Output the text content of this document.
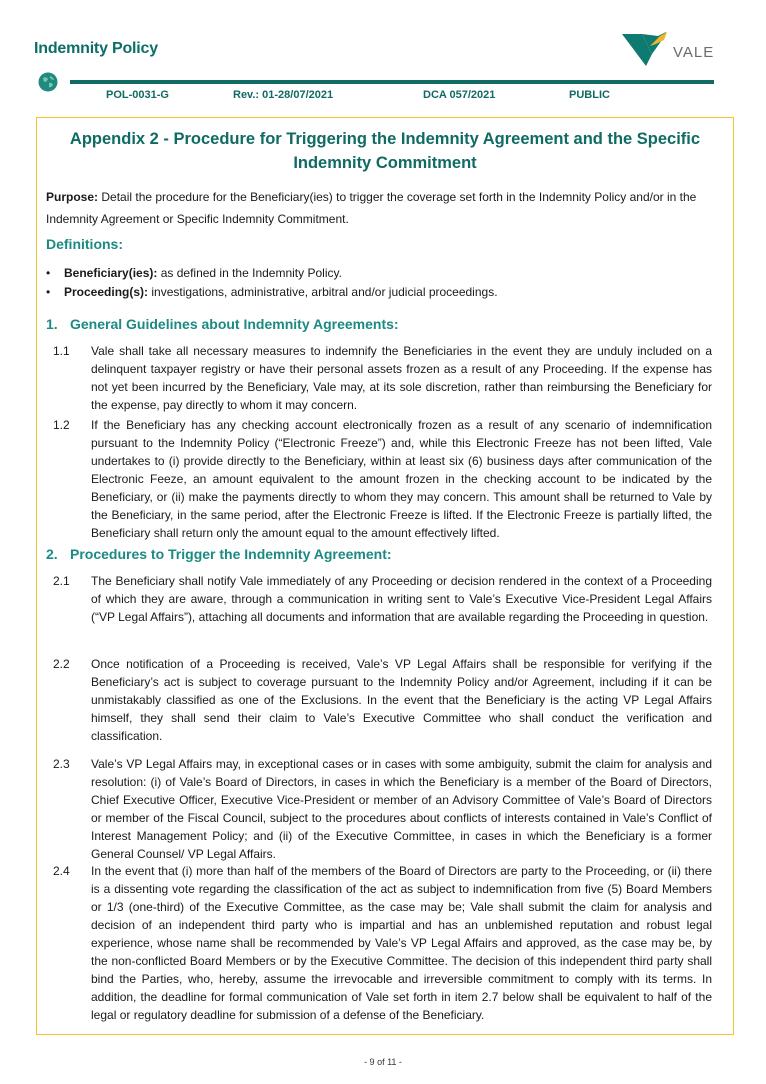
Indemnity Policy	VALE
POL-0031-G	Rev.: 01-28/07/2021	DCA 057/2021	PUBLIC
Appendix 2 - Procedure for Triggering the Indemnity Agreement and the Specific Indemnity Commitment
Purpose: Detail the procedure for the Beneficiary(ies) to trigger the coverage set forth in the Indemnity Policy and/or in the Indemnity Agreement or Specific Indemnity Commitment.
Definitions:
•	Beneficiary(ies): as defined in the Indemnity Policy.
•	Proceeding(s): investigations, administrative, arbitral and/or judicial proceedings.
1. General Guidelines about Indemnity Agreements:
1.1	Vale shall take all necessary measures to indemnify the Beneficiaries in the event they are unduly included on a delinquent taxpayer registry or have their personal assets frozen as a result of any Proceeding. If the expense has not yet been incurred by the Beneficiary, Vale may, at its sole discretion, rather than reimbursing the Beneficiary for the expense, pay directly to whom it may concern.
1.2	If the Beneficiary has any checking account electronically frozen as a result of any scenario of indemnification pursuant to the Indemnity Policy (“Electronic Freeze”) and, while this Electronic Freeze has not been lifted, Vale undertakes to (i) provide directly to the Beneficiary, within at least six (6) business days after communication of the Electronic Feeze, an amount equivalent to the amount frozen in the checking account to be indicated by the Beneficiary, or (ii) make the payments directly to whom they may concern. This amount shall be returned to Vale by the Beneficiary, in the same period, after the Electronic Freeze is lifted. If the Electronic Freeze is partially lifted, the Beneficiary shall return only the amount equal to the amount effectively lifted.
2. Procedures to Trigger the Indemnity Agreement:
2.1	The Beneficiary shall notify Vale immediately of any Proceeding or decision rendered in the context of a Proceeding of which they are aware, through a communication in writing sent to Vale’s Executive Vice-President Legal Affairs (“VP Legal Affairs”), attaching all documents and information that are available regarding the Proceeding in question.
2.2	Once notification of a Proceeding is received, Vale’s VP Legal Affairs shall be responsible for verifying if the Beneficiary’s act is subject to coverage pursuant to the Indemnity Policy and/or Agreement, including if it can be unmistakably classified as one of the Exclusions. In the event that the Beneficiary is the acting VP Legal Affairs himself, they shall send their claim to Vale’s Executive Committee who shall conduct the verification and classification.
2.3	Vale’s VP Legal Affairs may, in exceptional cases or in cases with some ambiguity, submit the claim for analysis and resolution: (i) of Vale’s Board of Directors, in cases in which the Beneficiary is a member of the Board of Directors, Chief Executive Officer, Executive Vice-President or member of an Advisory Committee of Vale’s Board of Directors or member of the Fiscal Council, subject to the procedures about conflicts of interests contained in Vale’s Conflict of Interest Management Policy; and (ii) of the Executive Committee, in cases in which the Beneficiary is a former General Counsel/ VP Legal Affairs.
2.4	In the event that (i) more than half of the members of the Board of Directors are party to the Proceeding, or (ii) there is a dissenting vote regarding the classification of the act as subject to indemnification from five (5) Board Members or 1/3 (one-third) of the Executive Committee, as the case may be; Vale shall submit the claim for analysis and decision of an independent third party who is impartial and has an unblemished reputation and robust legal experience, whose name shall be recommended by Vale’s VP Legal Affairs and approved, as the case may be, by the non-conflicted Board Members or by the Executive Committee. The decision of this independent third party shall bind the Parties, who, hereby, assume the irrevocable and irreversible commitment to comply with its terms. In addition, the deadline for formal communication of Vale set forth in item 2.7 below shall be equivalent to half of the legal or regulatory deadline for submission of a defense of the Beneficiary.
- 9 of 11 -
